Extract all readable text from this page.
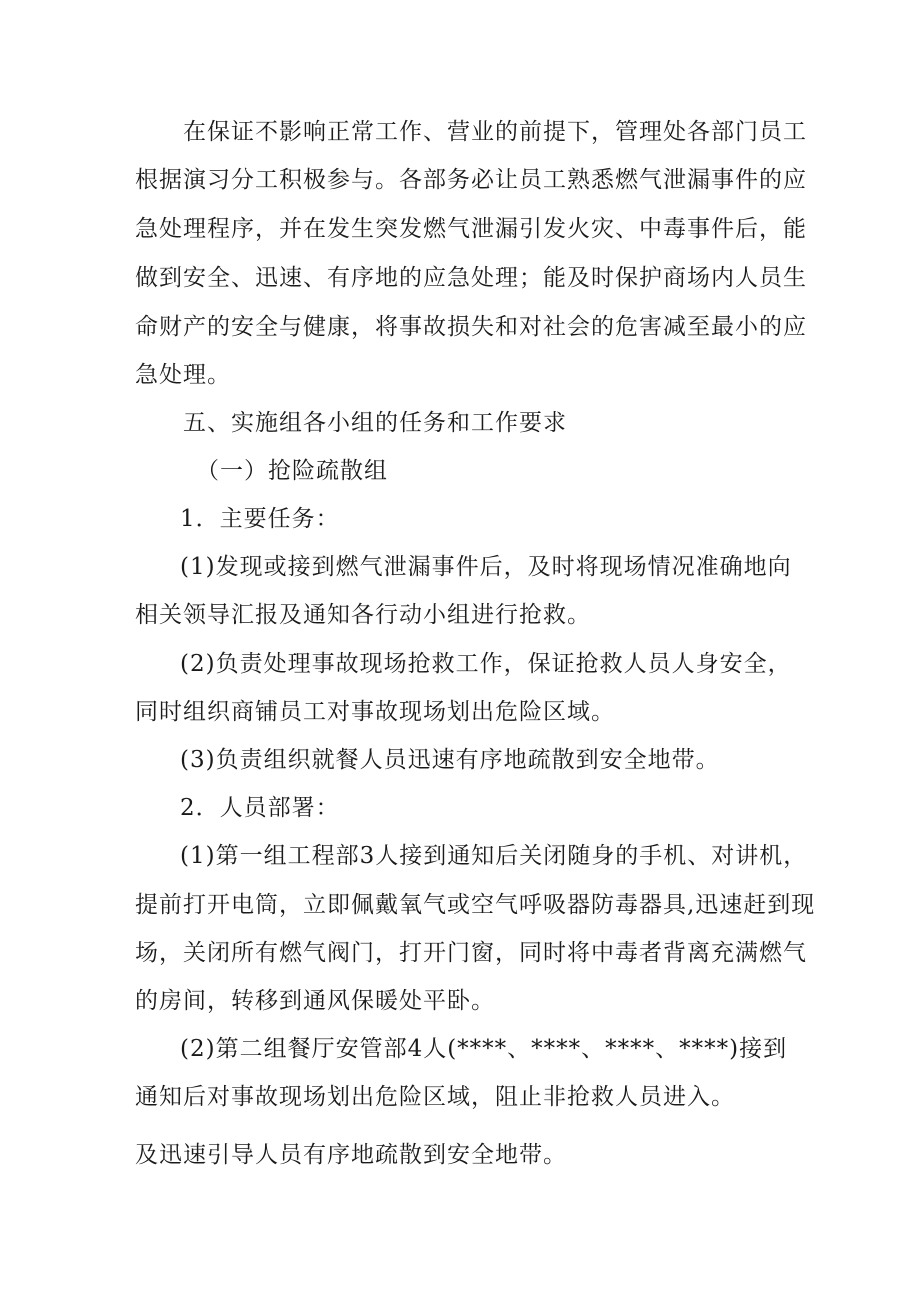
在保证不影响正常工作、营业的前提下，管理处各部门员工
根据演习分工积极参与。各部务必让员工熟悉燃气泄漏事件的应
急处理程序，并在发生突发燃气泄漏引发火灾、中毒事件后，能
做到安全、迅速、有序地的应急处理；能及时保护商场内人员生
命财产的安全与健康，将事故损失和对社会的危害减至最小的应
急处理。
五、实施组各小组的任务和工作要求
（一）抢险疏散组
1．主要任务：
(1)发现或接到燃气泄漏事件后，及时将现场情况准确地向
相关领导汇报及通知各行动小组进行抢救。
(2)负责处理事故现场抢救工作，保证抢救人员人身安全，
同时组织商铺员工对事故现场划出危险区域。
(3)负责组织就餐人员迅速有序地疏散到安全地带。
2．人员部署：
(1)第一组工程部3人接到通知后关闭随身的手机、对讲机，
提前打开电筒，立即佩戴氧气或空气呼吸器防毒器具,迅速赶到现
场，关闭所有燃气阀门，打开门窗，同时将中毒者背离充满燃气
的房间，转移到通风保暖处平卧。
(2)第二组餐厅安管部4人(****、****、****、****)接到
通知后对事故现场划出危险区域，阻止非抢救人员进入。
及迅速引导人员有序地疏散到安全地带。
